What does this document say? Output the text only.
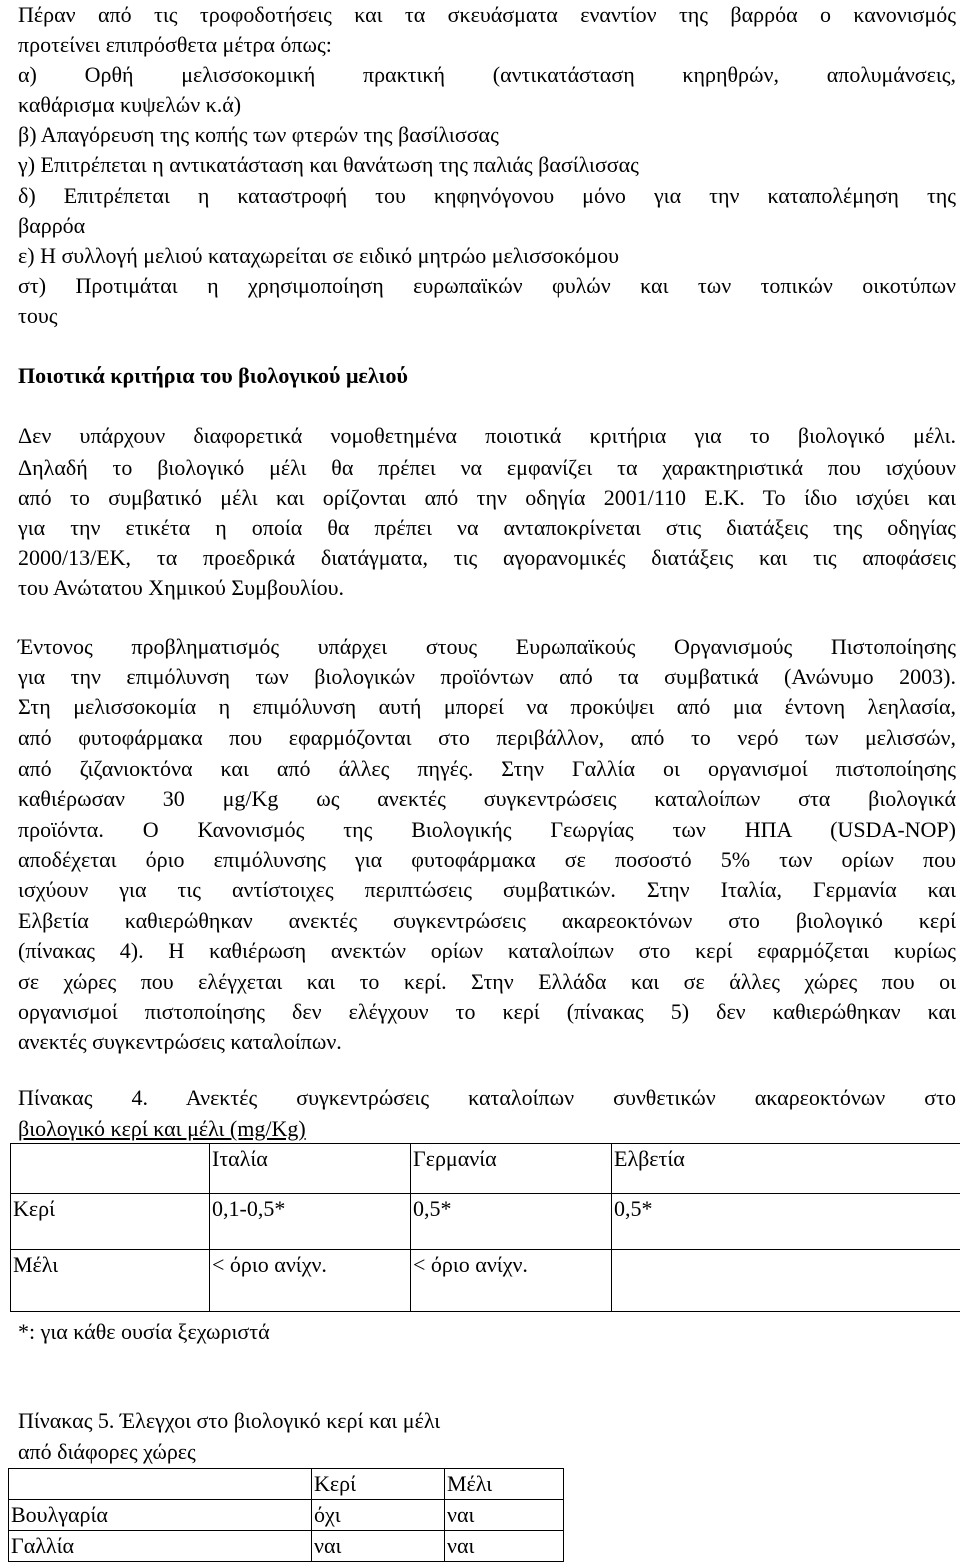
Πέραν από τις τροφοδοτήσεις και τα σκευάσματα εναντίον της βαρρόα ο κανονισμός
προτείνει επιπρόσθετα μέτρα όπως:
α) Ορθή μελισσοκομική πρακτική (αντικατάσταση κηρηθρών, απολυμάνσεις,
καθάρισμα κυψελών κ.ά)
β) Απαγόρευση της κοπής των φτερών της βασίλισσας
γ) Επιτρέπεται η αντικατάσταση και θανάτωση της παλιάς βασίλισσας
δ) Επιτρέπεται η καταστροφή του κηφηνόγονου μόνο για την καταπολέμηση της
βαρρόα
ε) Η συλλογή μελιού καταχωρείται σε ειδικό μητρώο μελισσοκόμου
στ) Προτιμάται η χρησιμοποίηση ευρωπαϊκών φυλών και των τοπικών οικοτύπων
τους
Ποιοτικά κριτήρια του βιολογικού μελιού
Δεν υπάρχουν διαφορετικά νομοθετημένα ποιοτικά κριτήρια για το βιολογικό μέλι.
Δηλαδή το βιολογικό μέλι θα πρέπει να εμφανίζει τα χαρακτηριστικά που ισχύουν
από το συμβατικό μέλι και ορίζονται από την οδηγία 2001/110 Ε.Κ. Το ίδιο ισχύει και
για την ετικέτα η οποία θα πρέπει να ανταποκρίνεται στις διατάξεις της οδηγίας
2000/13/ΕΚ, τα προεδρικά διατάγματα, τις αγορανομικές διατάξεις και τις αποφάσεις
του Ανώτατου Χημικού Συμβουλίου.
Έντονος προβληματισμός υπάρχει στους Ευρωπαϊκούς Οργανισμούς Πιστοποίησης
για την επιμόλυνση των βιολογικών προϊόντων από τα συμβατικά (Ανώνυμο 2003).
Στη μελισσοκομία η επιμόλυνση αυτή μπορεί να προκύψει από μια έντονη λεηλασία,
από φυτοφάρμακα που εφαρμόζονται στο περιβάλλον, από το νερό των μελισσών,
από ζιζανιοκτόνα και από άλλες πηγές. Στην Γαλλία οι οργανισμοί πιστοποίησης
καθιέρωσαν 30 μg/Kg ως ανεκτές συγκεντρώσεις καταλοίπων στα βιολογικά
προϊόντα. Ο Κανονισμός της Βιολογικής Γεωργίας των ΗΠΑ (USDA-NOP)
αποδέχεται όριο επιμόλυνσης για φυτοφάρμακα σε ποσοστό 5% των ορίων που
ισχύουν για τις αντίστοιχες περιπτώσεις συμβατικών. Στην Ιταλία, Γερμανία και
Ελβετία καθιερώθηκαν ανεκτές συγκεντρώσεις ακαρεοκτόνων στο βιολογικό κερί
(πίνακας 4). Η καθιέρωση ανεκτών ορίων καταλοίπων στο κερί εφαρμόζεται κυρίως
σε χώρες που ελέγχεται και το κερί. Στην Ελλάδα και σε άλλες χώρες που οι
οργανισμοί πιστοποίησης δεν ελέγχουν το κερί (πίνακας 5) δεν καθιερώθηκαν και
ανεκτές συγκεντρώσεις καταλοίπων.
Πίνακας 4. Ανεκτές συγκεντρώσεις καταλοίπων συνθετικών ακαρεοκτόνων στο
βιολογικό κερί και μέλι (mg/Kg)
	Ιταλία	Γερμανία	Ελβετία
Κερί	0,1-0,5*	0,5*	0,5*
Μέλι	< όριο ανίχν.	< όριο ανίχν.	
*: για κάθε ουσία ξεχωριστά
Πίνακας 5. Έλεγχοι στο βιολογικό κερί και μέλι
από διάφορες χώρες
	Κερί	Μέλι
Βουλγαρία	όχι	ναι
Γαλλία	ναι	ναι
